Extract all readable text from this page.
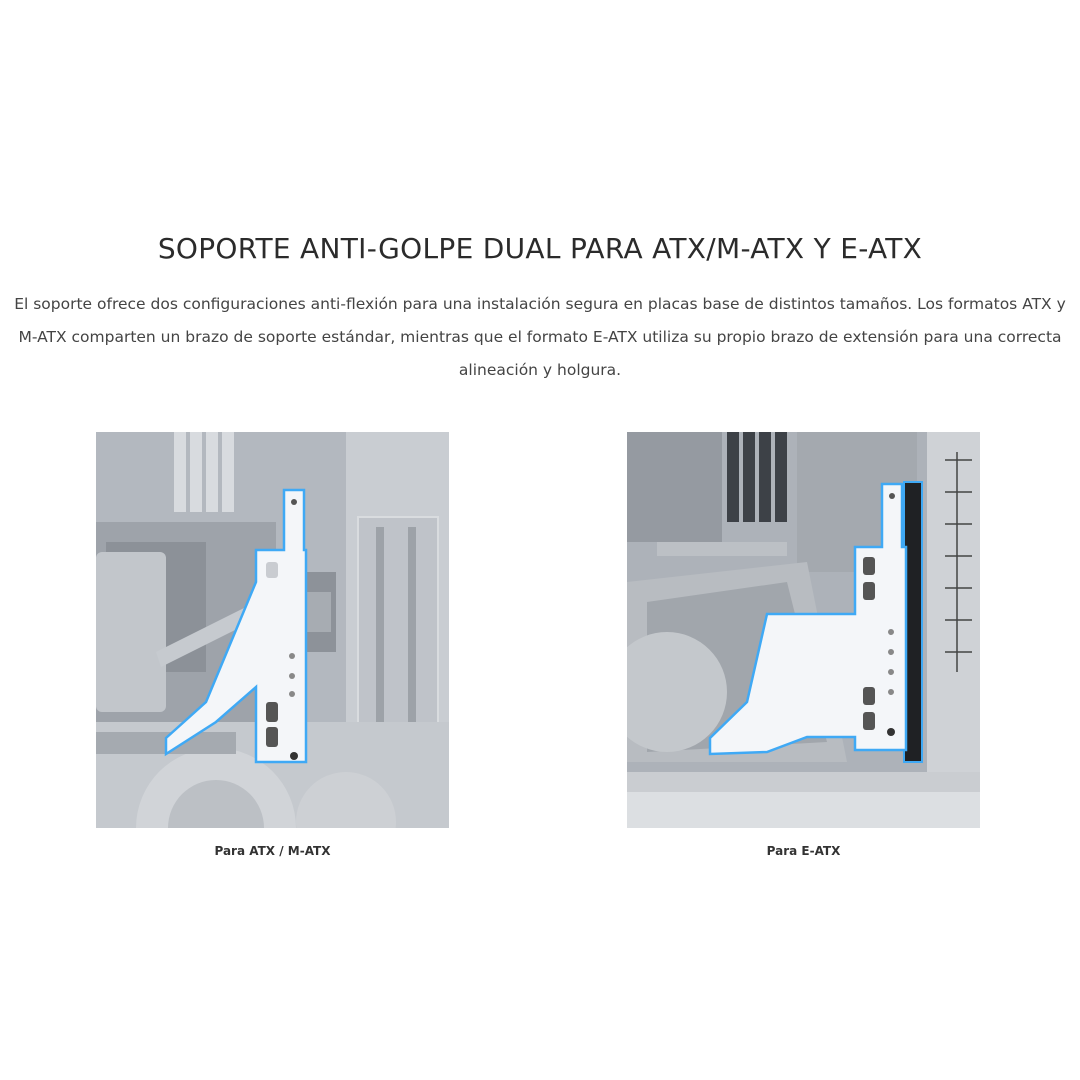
SOPORTE ANTI-GOLPE DUAL PARA ATX/M-ATX Y E-ATX

El soporte ofrece dos configuraciones anti-flexión para una instalación segura en placas base de distintos tamaños. Los formatos ATX y M-ATX comparten un brazo de soporte estándar, mientras que el formato E-ATX utiliza su propio brazo de extensión para una correcta alineación y holgura.

Para ATX / M-ATX	Para E-ATX
